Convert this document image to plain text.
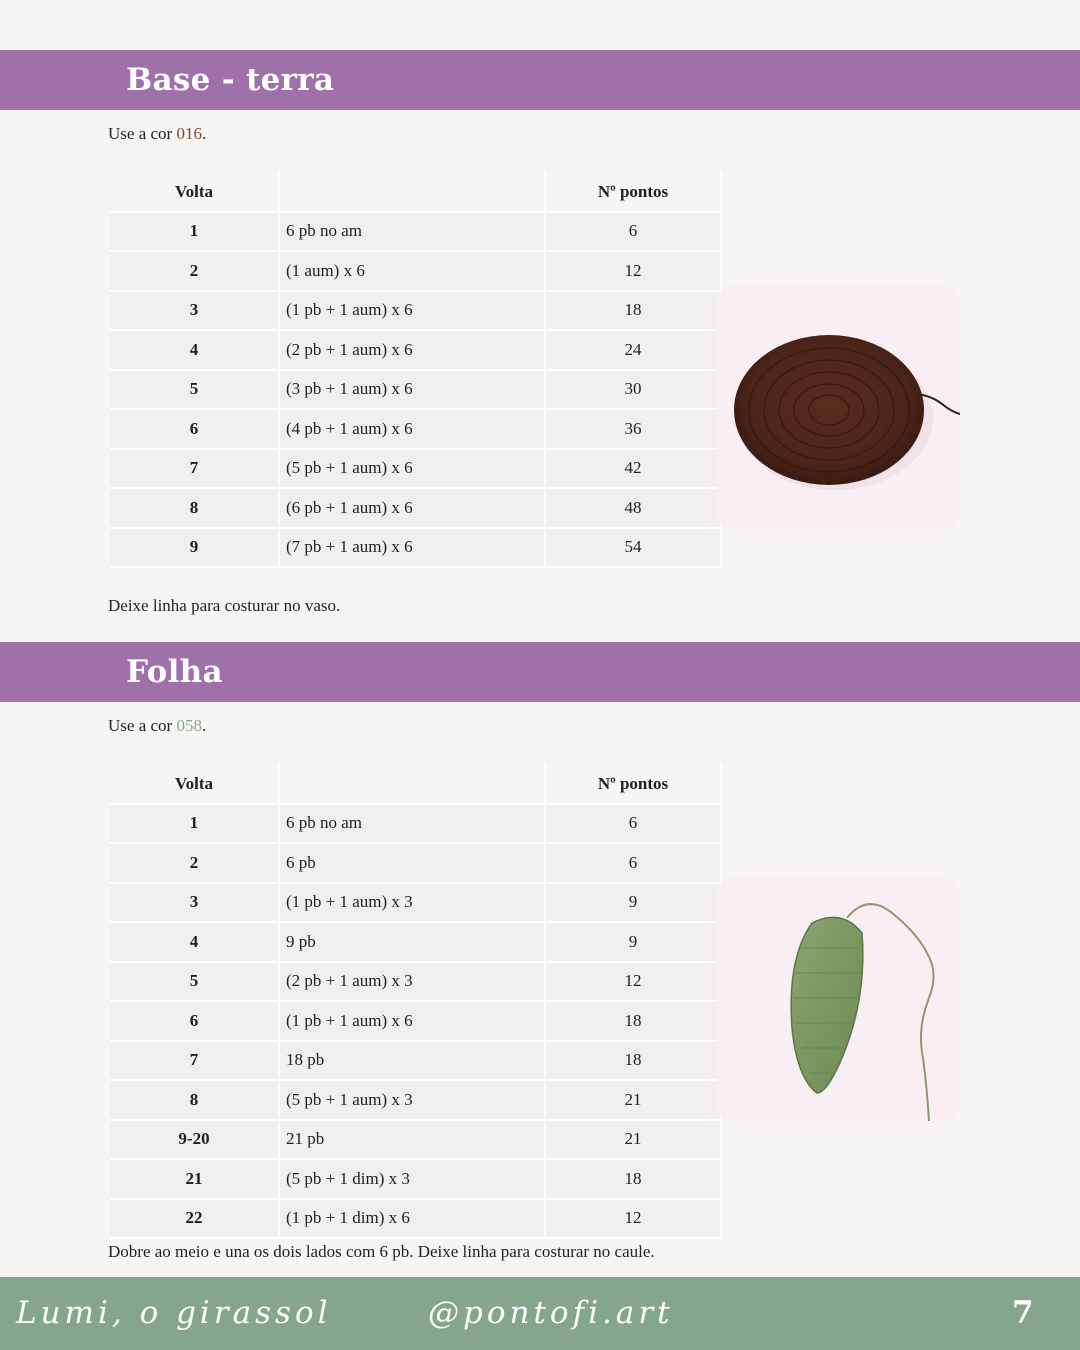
Base - terra
Use a cor 016.
Volta		Nº pontos
1	6 pb no am	6
2	(1 aum) x 6	12
3	(1 pb + 1 aum) x 6	18
4	(2 pb + 1 aum) x 6	24
5	(3 pb + 1 aum) x 6	30
6	(4 pb + 1 aum) x 6	36
7	(5 pb + 1 aum) x 6	42
8	(6 pb + 1 aum) x 6	48
9	(7 pb + 1 aum) x 6	54
Deixe linha para costurar no vaso.
Folha
Use a cor 058.
Volta		Nº pontos
1	6 pb no am	6
2	6 pb	6
3	(1 pb + 1 aum) x 3	9
4	9 pb	9
5	(2 pb + 1 aum) x 3	12
6	(1 pb + 1 aum) x 6	18
7	18 pb	18
8	(5 pb + 1 aum) x 3	21
9-20	21 pb	21
21	(5 pb + 1 dim) x 3	18
22	(1 pb + 1 dim) x 6	12
Dobre ao meio e una os dois lados com 6 pb. Deixe linha para costurar no caule.
Lumi, o girassol	@pontofi.art	7
